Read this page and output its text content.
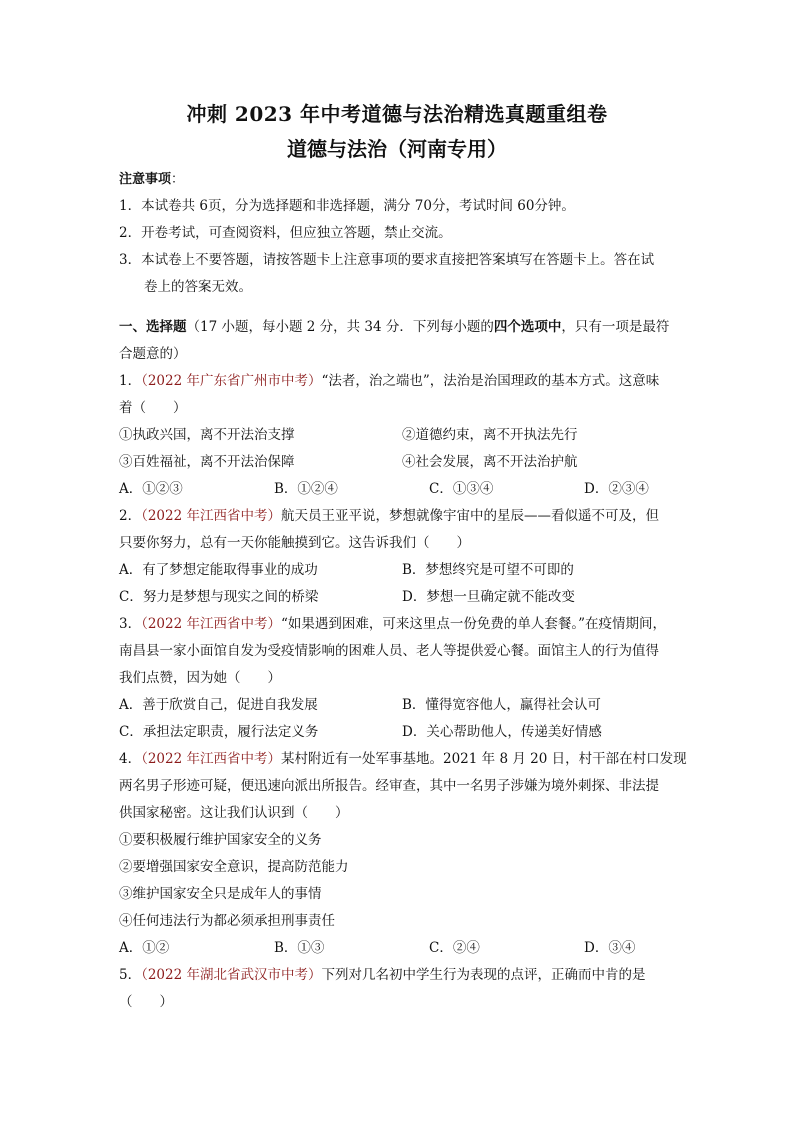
冲刺 2023 年中考道德与法治精选真题重组卷
道德与法治（河南专用）
注意事项：
1．本试卷共 6页，分为选择题和非选择题，满分 70分，考试时间 60分钟。
2．开卷考试，可查阅资料，但应独立答题，禁止交流。
3．本试卷上不要答题，请按答题卡上注意事项的要求直接把答案填写在答题卡上。答在试
卷上的答案无效。
一、选择题（17 小题，每小题 2 分，共 34 分．下列每小题的四个选项中，只有一项是最符
合题意的）
1．（2022 年广东省广州市中考）“法者，治之端也”，法治是治国理政的基本方式。这意味
着（　　）
①执政兴国，离不开法治支撑	②道德约束，离不开执法先行
③百姓福祉，离不开法治保障	④社会发展，离不开法治护航
A．①②③	B．①②④	C．①③④	D．②③④
2．（2022 年江西省中考）航天员王亚平说，梦想就像宇宙中的星辰——看似遥不可及，但
只要你努力，总有一天你能触摸到它。这告诉我们（　　）
A．有了梦想定能取得事业的成功	B．梦想终究是可望不可即的
C．努力是梦想与现实之间的桥梁	D．梦想一旦确定就不能改变
3．（2022 年江西省中考）“如果遇到困难，可来这里点一份免费的单人套餐。”在疫情期间，
南昌县一家小面馆自发为受疫情影响的困难人员、老人等提供爱心餐。面馆主人的行为值得
我们点赞，因为她（　　）
A．善于欣赏自己，促进自我发展	B．懂得宽容他人，赢得社会认可
C．承担法定职责，履行法定义务	D．关心帮助他人，传递美好情感
4．（2022 年江西省中考）某村附近有一处军事基地。2021 年 8 月 20 日，村干部在村口发现
两名男子形迹可疑，便迅速向派出所报告。经审查，其中一名男子涉嫌为境外刺探、非法提
供国家秘密。这让我们认识到（　　）
①要积极履行维护国家安全的义务
②要增强国家安全意识，提高防范能力
③维护国家安全只是成年人的事情
④任何违法行为都必须承担刑事责任
A．①②	B．①③	C．②④	D．③④
5．（2022 年湖北省武汉市中考）下列对几名初中学生行为表现的点评，正确而中肯的是
（　　）
